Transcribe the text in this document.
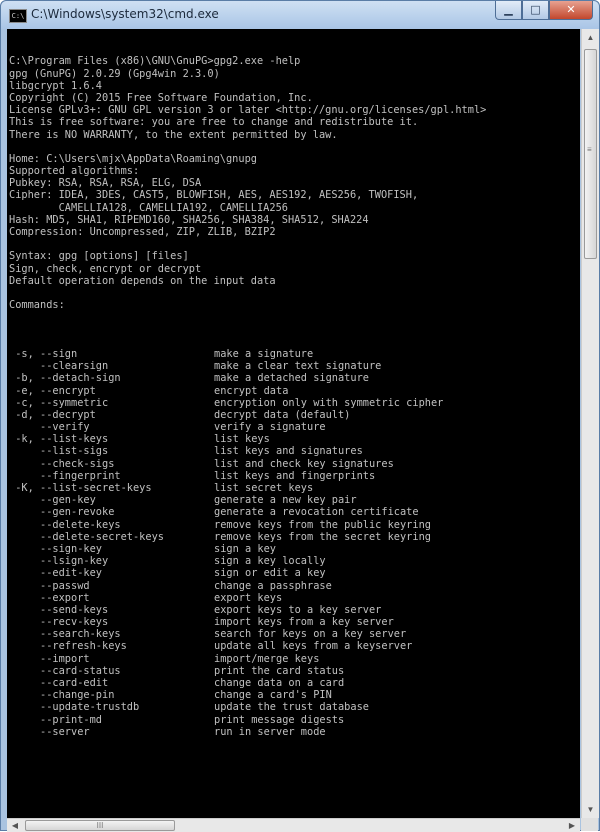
C:\ C:\Windows\system32\cmd.exe	▁	□	✕

C:\Program Files (x86)\GNU\GnuPG>gpg2.exe -help
gpg (GnuPG) 2.0.29 (Gpg4win 2.3.0)
libgcrypt 1.6.4
Copyright (C) 2015 Free Software Foundation, Inc.
License GPLv3+: GNU GPL version 3 or later <http://gnu.org/licenses/gpl.html>
This is free software: you are free to change and redistribute it.
There is NO WARRANTY, to the extent permitted by law.
Home: C:\Users\mjx\AppData\Roaming\gnupg
Supported algorithms:
Pubkey: RSA, RSA, RSA, ELG, DSA
Cipher: IDEA, 3DES, CAST5, BLOWFISH, AES, AES192, AES256, TWOFISH,
CAMELLIA128, CAMELLIA192, CAMELLIA256
Hash: MD5, SHA1, RIPEMD160, SHA256, SHA384, SHA512, SHA224
Compression: Uncompressed, ZIP, ZLIB, BZIP2
Syntax: gpg [options] [files]
Sign, check, encrypt or decrypt
Default operation depends on the input data
Commands:

-s, --sign	make a signature
--clearsign	make a clear text signature
-b, --detach-sign	make a detached signature
-e, --encrypt	encrypt data
-c, --symmetric	encryption only with symmetric cipher
-d, --decrypt	decrypt data (default)
--verify	verify a signature
-k, --list-keys	list keys
--list-sigs	list keys and signatures
--check-sigs	list and check key signatures
--fingerprint	list keys and fingerprints
-K, --list-secret-keys	list secret keys
--gen-key	generate a new key pair
--gen-revoke	generate a revocation certificate
--delete-keys	remove keys from the public keyring
--delete-secret-keys	remove keys from the secret keyring
--sign-key	sign a key
--lsign-key	sign a key locally
--edit-key	sign or edit a key
--passwd	change a passphrase
--export	export keys
--send-keys	export keys to a key server
--recv-keys	import keys from a key server
--search-keys	search for keys on a key server
--refresh-keys	update all keys from a keyserver
--import	import/merge keys
--card-status	print the card status
--card-edit	change data on a card
--change-pin	change a card's PIN
--update-trustdb	update the trust database
--print-md	print message digests
--server	run in server mode

▲
≡
▼
◀	III	▶
